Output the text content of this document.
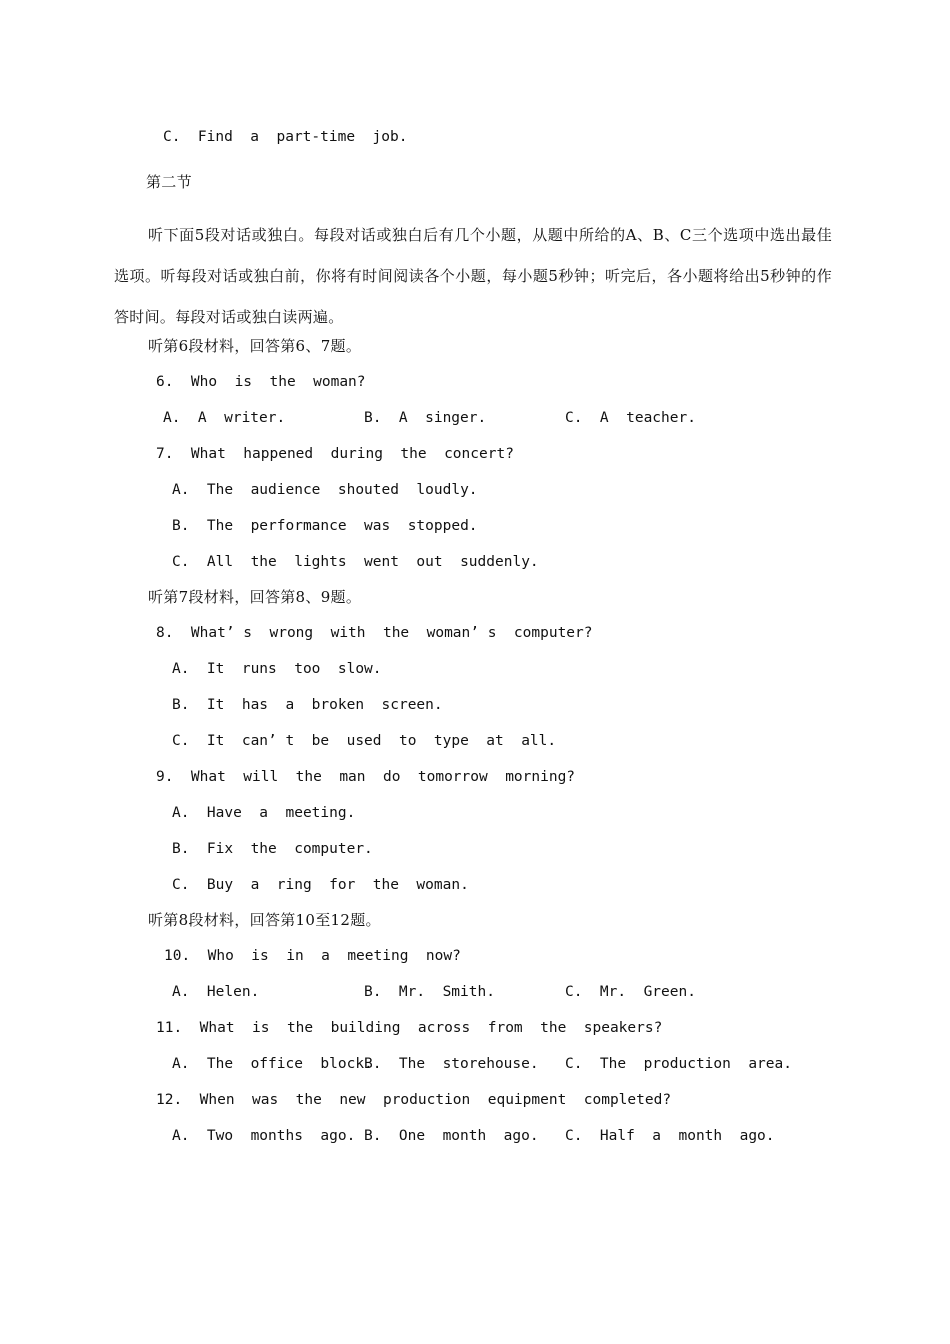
C.  Find  a  part-time  job.
第二节

听下面5段对话或独白。每段对话或独白后有几个小题，从题中所给的A、B、C三个选项中选出最佳选项。听每段对话或独白前，你将有时间阅读各个小题，每小题5秒钟；听完后，各小题将给出5秒钟的作答时间。每段对话或独白读两遍。

听第6段材料，回答第6、7题。
6.  Who  is  the  woman?
A.  A  writer.	B.  A  singer.	C.  A  teacher.
7.  What  happened  during  the  concert?
A.  The  audience  shouted  loudly.
B.  The  performance  was  stopped.
C.  All  the  lights  went  out  suddenly.
听第7段材料，回答第8、9题。
8.  What’ s  wrong  with  the  woman’ s  computer?
A.  It  runs  too  slow.
B.  It  has  a  broken  screen.
C.  It  can’ t  be  used  to  type  at  all.
9.  What  will  the  man  do  tomorrow  morning?
A.  Have  a  meeting.
B.  Fix  the  computer.
C.  Buy  a  ring  for  the  woman.
听第8段材料，回答第10至12题。
10.  Who  is  in  a  meeting  now?
A.  Helen.	B.  Mr.  Smith.	C.  Mr.  Green.
11.  What  is  the  building  across  from  the  speakers?
A.  The  office  block.
B.  The  storehouse. C.  The  production  area.
12.  When  was  the  new  production  equipment  completed?
A.  Two  months  ago. B.  One  month  ago. C.  Half  a  month  ago.
